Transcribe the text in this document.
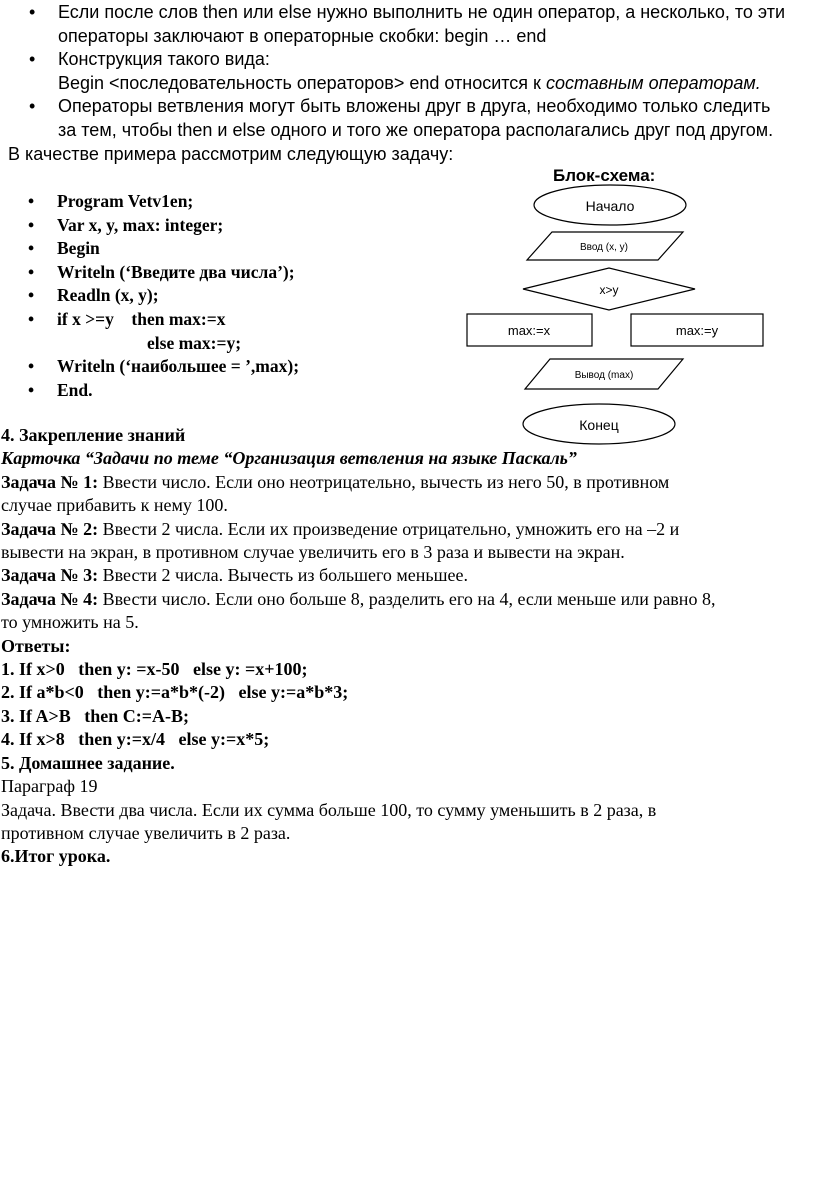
• Если после слов then или else нужно выполнить не один оператор, а несколько, то эти
операторы заключают в операторные скобки: begin … end
• Конструкция такого вида:
Begin <последовательность операторов> end относится к составным операторам.
• Операторы ветвления могут быть вложены друг в друга, необходимо только следить
за тем, чтобы then и else одного и того же оператора располагались друг под другом.
В качестве примера рассмотрим следующую задачу:
• Program Vetv1en;
• Var x, y, max: integer;
• Begin
• Writeln (‘Введите два числа’);
• Readln (x, y);
• if x >=y    then max:=x
else max:=y;
• Writeln (‘наибольшее = ’,max);
• End.
Блок-схема:
Начало
Ввод (x, y)
x>y
max:=x	max:=y
Вывод (max)
Конец
4. Закрепление знаний
Карточка “Задачи по теме “Организация ветвления на языке Паскаль”
Задача № 1: Ввести число. Если оно неотрицательно, вычесть из него 50, в противном
случае прибавить к нему 100.
Задача № 2: Ввести 2 числа. Если их произведение отрицательно, умножить его на –2 и
вывести на экран, в противном случае увеличить его в 3 раза и вывести на экран.
Задача № 3: Ввести 2 числа. Вычесть из большего меньшее.
Задача № 4: Ввести число. Если оно больше 8, разделить его на 4, если меньше или равно 8,
то умножить на 5.
Ответы:
1. If x>0   then y: =x-50   else y: =x+100;
2. If a*b<0   then y:=a*b*(-2)   else y:=a*b*3;
3. If A>B   then C:=A-B;
4. If x>8   then y:=x/4   else y:=x*5;
5. Домашнее задание.
Параграф 19
Задача. Ввести два числа. Если их сумма больше 100, то сумму уменьшить в 2 раза, в
противном случае увеличить в 2 раза.
6.Итог урока.
